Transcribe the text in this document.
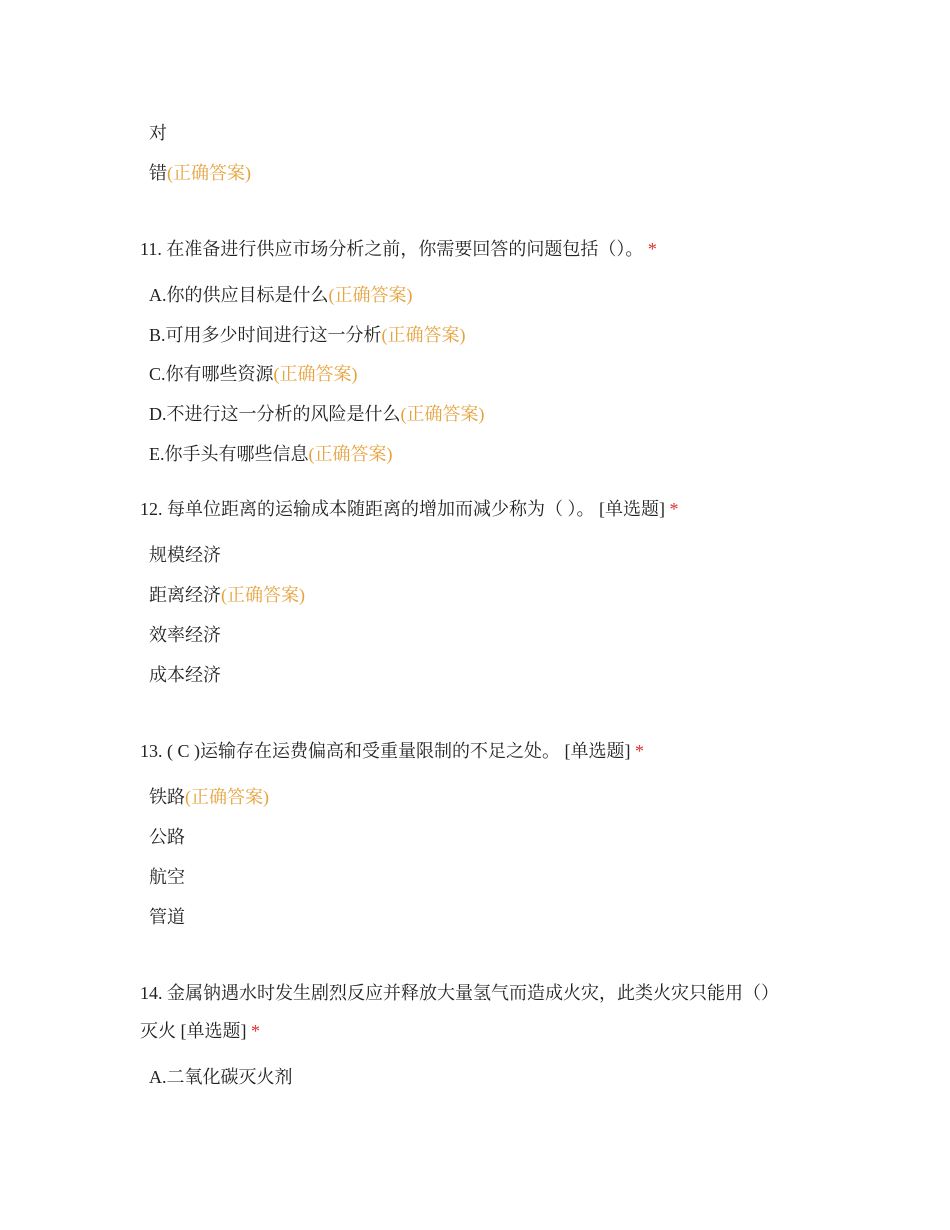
对
错(正确答案)
11. 在准备进行供应市场分析之前，你需要回答的问题包括（）。 *
A.你的供应目标是什么(正确答案)
B.可用多少时间进行这一分析(正确答案)
C.你有哪些资源(正确答案)
D.不进行这一分析的风险是什么(正确答案)
E.你手头有哪些信息(正确答案)
12. 每单位距离的运输成本随距离的增加而减少称为（ ）。 [单选题] *
规模经济
距离经济(正确答案)
效率经济
成本经济
13. ( C )运输存在运费偏高和受重量限制的不足之处。 [单选题] *
铁路(正确答案)
公路
航空
管道
14. 金属钠遇水时发生剧烈反应并释放大量氢气而造成火灾，此类火灾只能用（）
灭火 [单选题] *
A.二氧化碳灭火剂
